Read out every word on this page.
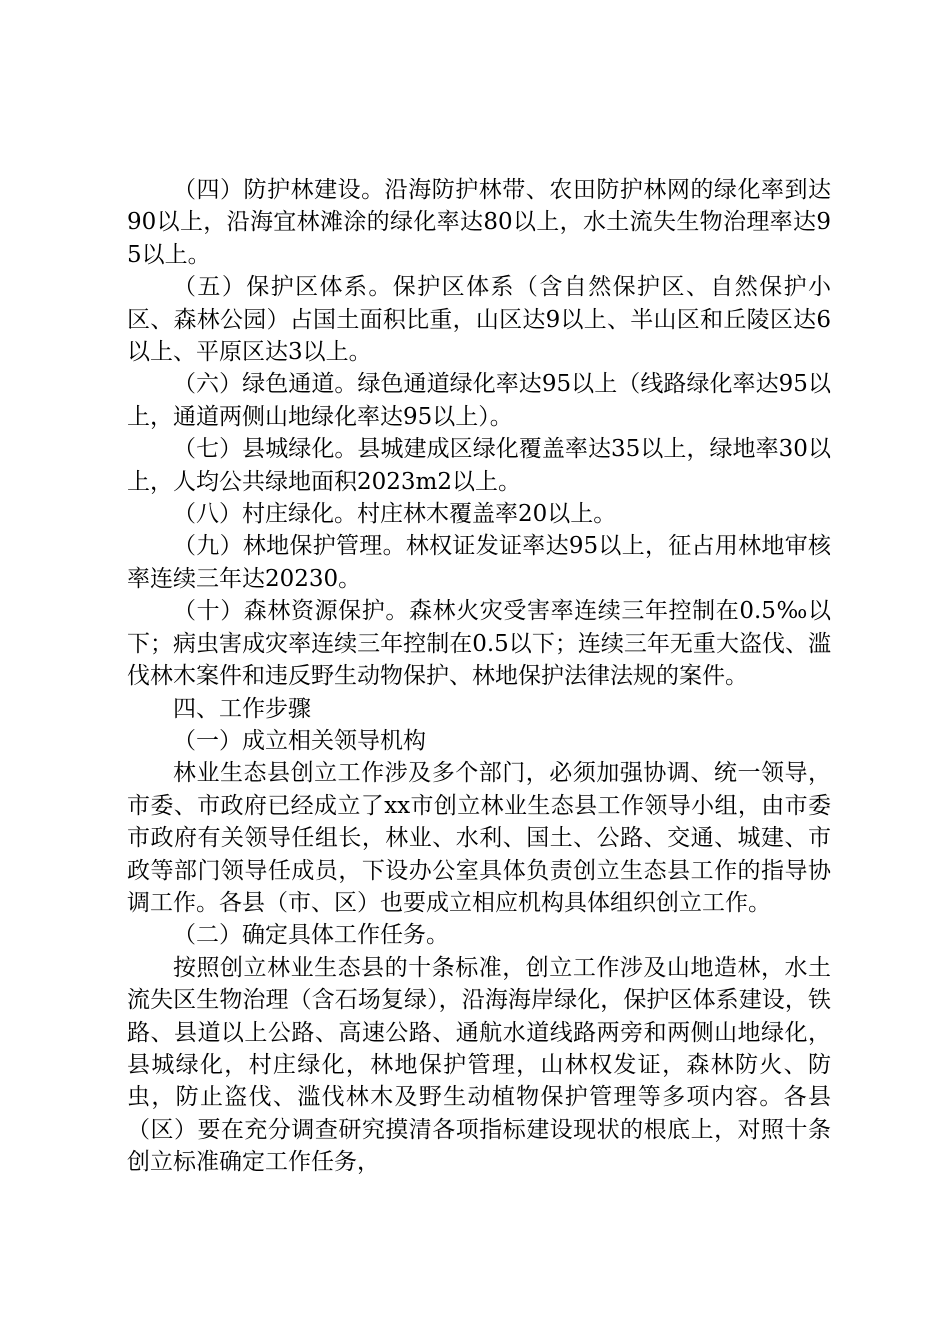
（四）防护林建设。沿海防护林带、农田防护林网的绿化率到达90以上，沿海宜林滩涂的绿化率达80以上，水土流失生物治理率达95以上。

（五）保护区体系。保护区体系（含自然保护区、自然保护小区、森林公园）占国土面积比重，山区达9以上、半山区和丘陵区达6以上、平原区达3以上。

（六）绿色通道。绿色通道绿化率达95以上（线路绿化率达95以上，通道两侧山地绿化率达95以上）。

（七）县城绿化。县城建成区绿化覆盖率达35以上，绿地率30以上，人均公共绿地面积2023m2以上。

（八）村庄绿化。村庄林木覆盖率20以上。

（九）林地保护管理。林权证发证率达95以上，征占用林地审核率连续三年达20230。

（十）森林资源保护。森林火灾受害率连续三年控制在0.5‰以下；病虫害成灾率连续三年控制在0.5以下；连续三年无重大盗伐、滥伐林木案件和违反野生动物保护、林地保护法律法规的案件。

四、工作步骤

（一）成立相关领导机构

林业生态县创立工作涉及多个部门，必须加强协调、统一领导，市委、市政府已经成立了xx市创立林业生态县工作领导小组，由市委市政府有关领导任组长，林业、水利、国土、公路、交通、城建、市政等部门领导任成员，下设办公室具体负责创立生态县工作的指导协调工作。各县（市、区）也要成立相应机构具体组织创立工作。

（二）确定具体工作任务。

按照创立林业生态县的十条标准，创立工作涉及山地造林，水土流失区生物治理（含石场复绿），沿海海岸绿化，保护区体系建设，铁路、县道以上公路、高速公路、通航水道线路两旁和两侧山地绿化，县城绿化，村庄绿化，林地保护管理，山林权发证，森林防火、防虫，防止盗伐、滥伐林木及野生动植物保护管理等多项内容。各县（区）要在充分调查研究摸清各项指标建设现状的根底上，对照十条创立标准确定工作任务，
